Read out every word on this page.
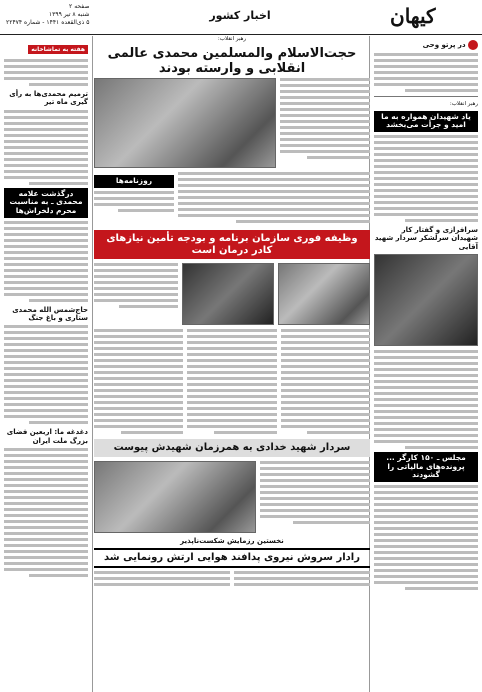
کیهان
اخبار کشور
صفحه ۲
شنبه ۸ تیر ۱۳۹۹
۵ ذی‌القعده ۱۴۴۱ - شماره ۲۲۴۷۴
در پرتو وحی
رهبر انقلاب:
یاد شهیدان همواره به ما امید و جرأت می‌بخشد
سرافرازی و گفتار کار شهیدان سرلشکر سردار شهید آقایی
مجلس ـ ۱۵۰ کارگر ... پرونده‌های مالیاتی را گشودند
رهبر انقلاب:
حجت‌الاسلام والمسلمین محمدی عالمی انقلابی و وارسته بودند
روزنامه‌ها
وظیفه فوری سازمان برنامه و بودجه تأمین نیازهای کادر درمان است
سردار شهید خدادی به همرزمان شهیدش پیوست
نخستین رزمایش شکست‌ناپذیر
رادار سروش نیروی پدافند هوایی ارتش رونمایی شد
هفته به تماشاخانه
ترمیم محمدی‌ها به رأی گیری ماه تیر
درگذشت علامه محمدی ـ به مناسبت محرم دلخراش‌ها
حاج‌شمس الله محمدی ستاری و باغ جنگ
دغدغه ما: اربعین فضای بزرگ ملت ایران
